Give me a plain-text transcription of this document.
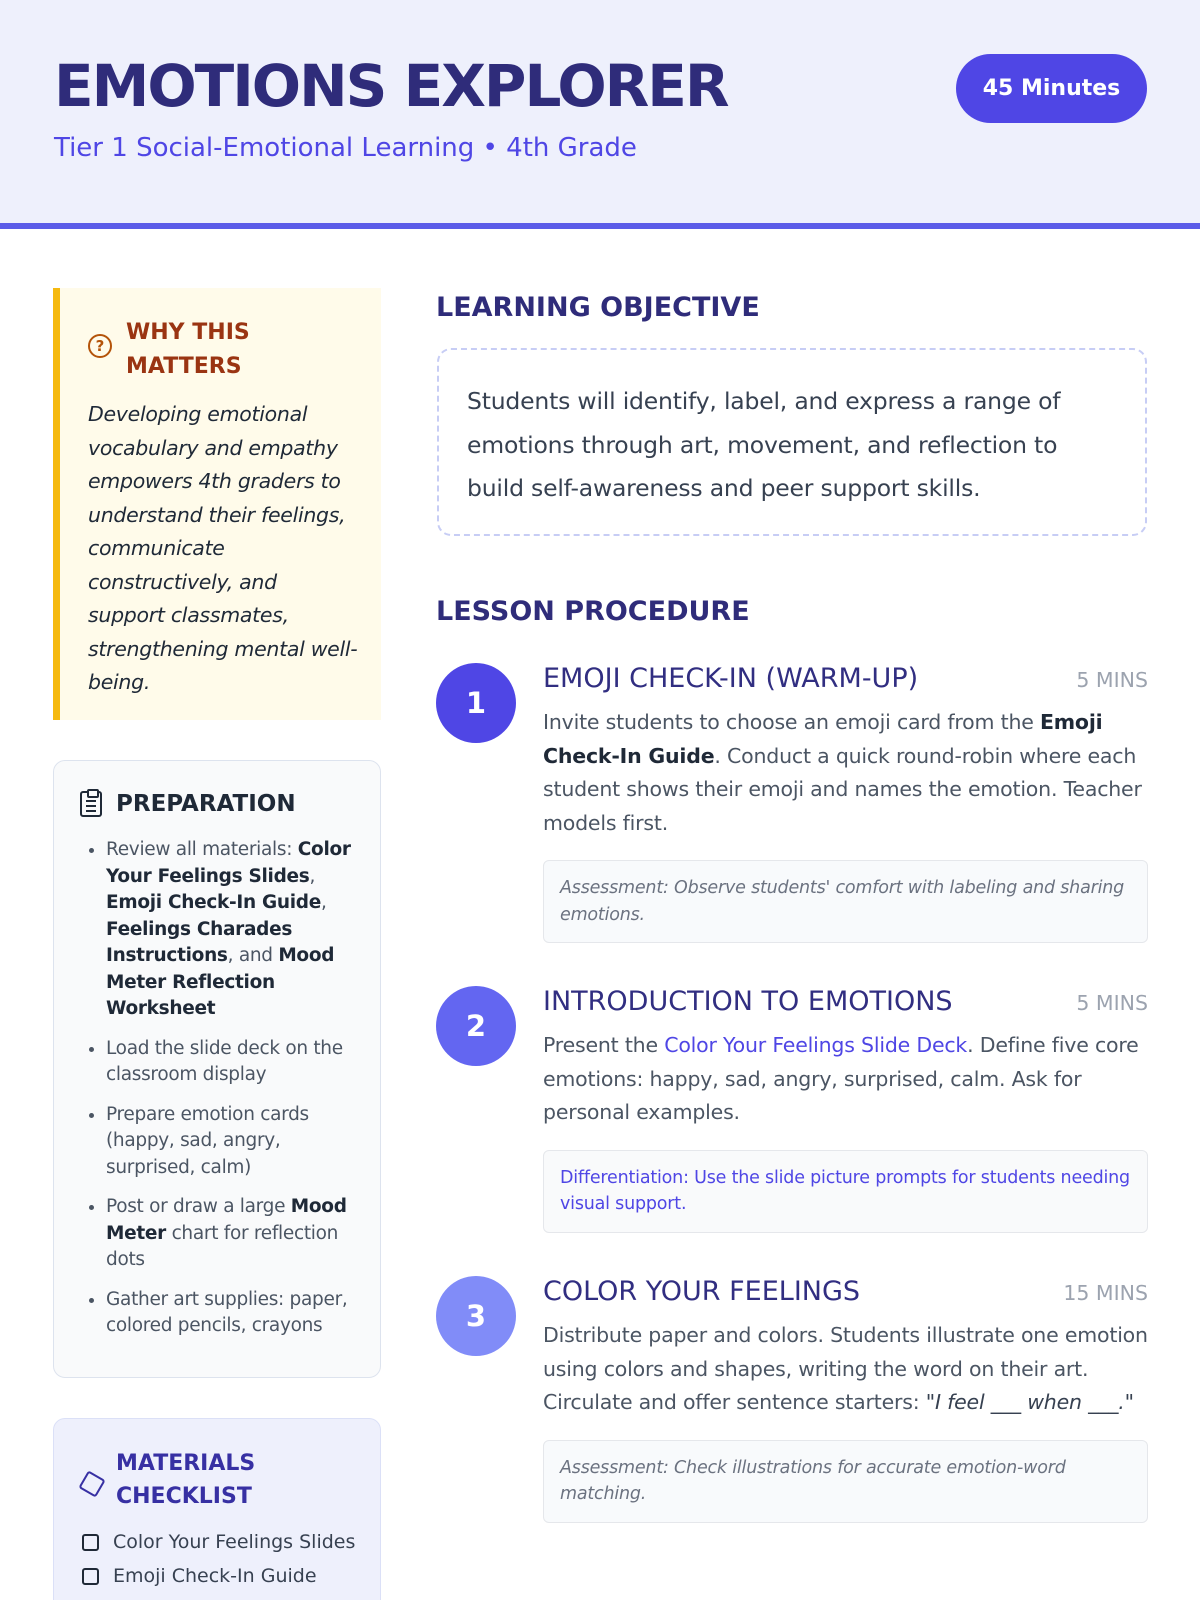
EMOTIONS EXPLORER
Tier 1 Social-Emotional Learning • 4th Grade
45 Minutes
?
WHY THIS MATTERS

Developing emotional vocabulary and empathy empowers 4th graders to understand their feelings, communicate constructively, and support classmates, strengthening mental well-being.

PREPARATION
• Review all materials: Color Your Feelings Slides, Emoji Check-In Guide, Feelings Charades Instructions, and Mood Meter Reflection Worksheet
• Load the slide deck on the classroom display
• Prepare emotion cards (happy, sad, angry, surprised, calm)
• Post or draw a large Mood Meter chart for reflection dots
• Gather art supplies: paper, colored pencils, crayons
MATERIALS CHECKLIST
Color Your Feelings Slides
Emoji Check-In Guide
LEARNING OBJECTIVE
Students will identify, label, and express a range of emotions through art, movement, and reflection to build self-awareness and peer support skills.
LESSON PROCEDURE
1
EMOJI CHECK-IN (WARM-UP)	5 MINS

Invite students to choose an emoji card from the Emoji Check-In Guide. Conduct a quick round-robin where each student shows their emoji and names the emotion. Teacher models first.

Assessment: Observe students' comfort with labeling and sharing emotions.
2
INTRODUCTION TO EMOTIONS	5 MINS

Present the Color Your Feelings Slide Deck. Define five core emotions: happy, sad, angry, surprised, calm. Ask for personal examples.

Differentiation: Use the slide picture prompts for students needing visual support.
3
COLOR YOUR FEELINGS	15 MINS

Distribute paper and colors. Students illustrate one emotion using colors and shapes, writing the word on their art. Circulate and offer sentence starters: "I feel ___ when ___."

Assessment: Check illustrations for accurate emotion-word matching.
